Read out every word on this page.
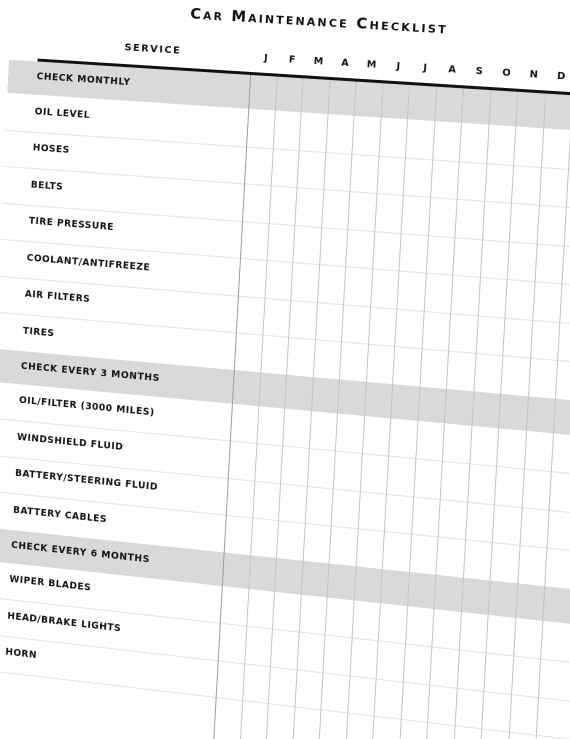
Car Maintenance Checklist
SERVICE
J	F	M	A	M	J	J	A	S	O	N	D
CHECK MONTHLY
OIL LEVEL
HOSES
BELTS
TIRE PRESSURE
COOLANT/ANTIFREEZE
AIR FILTERS
TIRES
CHECK EVERY 3 MONTHS
OIL/FILTER (3000 MILES)
WINDSHIELD FLUID
BATTERY/STEERING FLUID
BATTERY CABLES
CHECK EVERY 6 MONTHS
WIPER BLADES
HEAD/BRAKE LIGHTS
HORN
